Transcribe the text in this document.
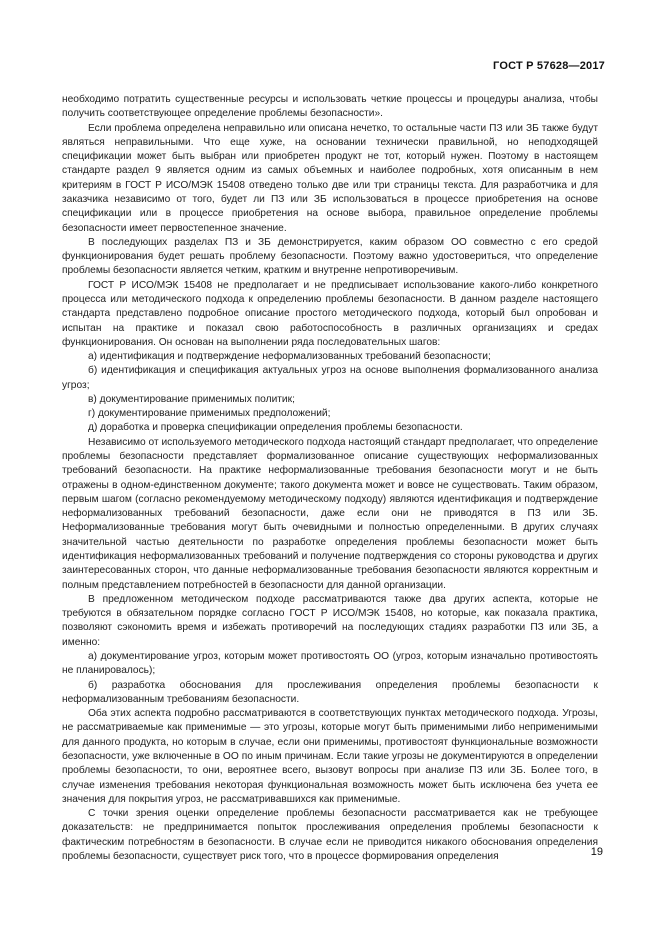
ГОСТ Р 57628—2017

необходимо потратить существенные ресурсы и использовать четкие процессы и процедуры анализа, чтобы получить соответствующее определение проблемы безопасности».

Если проблема определена неправильно или описана нечетко, то остальные части ПЗ или ЗБ также будут являться неправильными. Что еще хуже, на основании технически правильной, но неподходящей спецификации может быть выбран или приобретен продукт не тот, который нужен. Поэтому в настоящем стандарте раздел 9 является одним из самых объемных и наиболее подробных, хотя описанным в нем критериям в ГОСТ Р ИСО/МЭК 15408 отведено только две или три страницы текста. Для разработчика и для заказчика независимо от того, будет ли ПЗ или ЗБ использоваться в процессе приобретения на основе спецификации или в процессе приобретения на основе выбора, правильное определение проблемы безопасности имеет первостепенное значение.

В последующих разделах ПЗ и ЗБ демонстрируется, каким образом ОО совместно с его средой функционирования будет решать проблему безопасности. Поэтому важно удостовериться, что определение проблемы безопасности является четким, кратким и внутренне непротиворечивым.

ГОСТ Р ИСО/МЭК 15408 не предполагает и не предписывает использование какого-либо конкретного процесса или методического подхода к определению проблемы безопасности. В данном разделе настоящего стандарта представлено подробное описание простого методического подхода, который был опробован и испытан на практике и показал свою работоспособность в различных организациях и средах функционирования. Он основан на выполнении ряда последовательных шагов:

а) идентификация и подтверждение неформализованных требований безопасности;

б) идентификация и спецификация актуальных угроз на основе выполнения формализованного анализа угроз;

в) документирование применимых политик;

г) документирование применимых предположений;

д) доработка и проверка спецификации определения проблемы безопасности.

Независимо от используемого методического подхода настоящий стандарт предполагает, что определение проблемы безопасности представляет формализованное описание существующих неформализованных требований безопасности. На практике неформализованные требования безопасности могут и не быть отражены в одном-единственном документе; такого документа может и вовсе не существовать. Таким образом, первым шагом (согласно рекомендуемому методическому подходу) являются идентификация и подтверждение неформализованных требований безопасности, даже если они не приводятся в ПЗ или ЗБ. Неформализованные требования могут быть очевидными и полностью определенными. В других случаях значительной частью деятельности по разработке определения проблемы безопасности может быть идентификация неформализованных требований и получение подтверждения со стороны руководства и других заинтересованных сторон, что данные неформализованные требования безопасности являются корректным и полным представлением потребностей в безопасности для данной организации.

В предложенном методическом подходе рассматриваются также два других аспекта, которые не требуются в обязательном порядке согласно ГОСТ Р ИСО/МЭК 15408, но которые, как показала практика, позволяют сэкономить время и избежать противоречий на последующих стадиях разработки ПЗ или ЗБ, а именно:

а) документирование угроз, которым может противостоять ОО (угроз, которым изначально противостоять не планировалось);

б) разработка обоснования для прослеживания определения проблемы безопасности к неформализованным требованиям безопасности.

Оба этих аспекта подробно рассматриваются в соответствующих пунктах методического подхода. Угрозы, не рассматриваемые как применимые — это угрозы, которые могут быть применимыми либо неприменимыми для данного продукта, но которым в случае, если они применимы, противостоят функциональные возможности безопасности, уже включенные в ОО по иным причинам. Если такие угрозы не документируются в определении проблемы безопасности, то они, вероятнее всего, вызовут вопросы при анализе ПЗ или ЗБ. Более того, в случае изменения требования некоторая функциональная возможность может быть исключена без учета ее значения для покрытия угроз, не рассматривавшихся как применимые.

С точки зрения оценки определение проблемы безопасности рассматривается как не требующее доказательств: не предпринимается попыток прослеживания определения проблемы безопасности к фактическим потребностям в безопасности. В случае если не приводится никакого обоснования определения проблемы безопасности, существует риск того, что в процессе формирования определения	19
